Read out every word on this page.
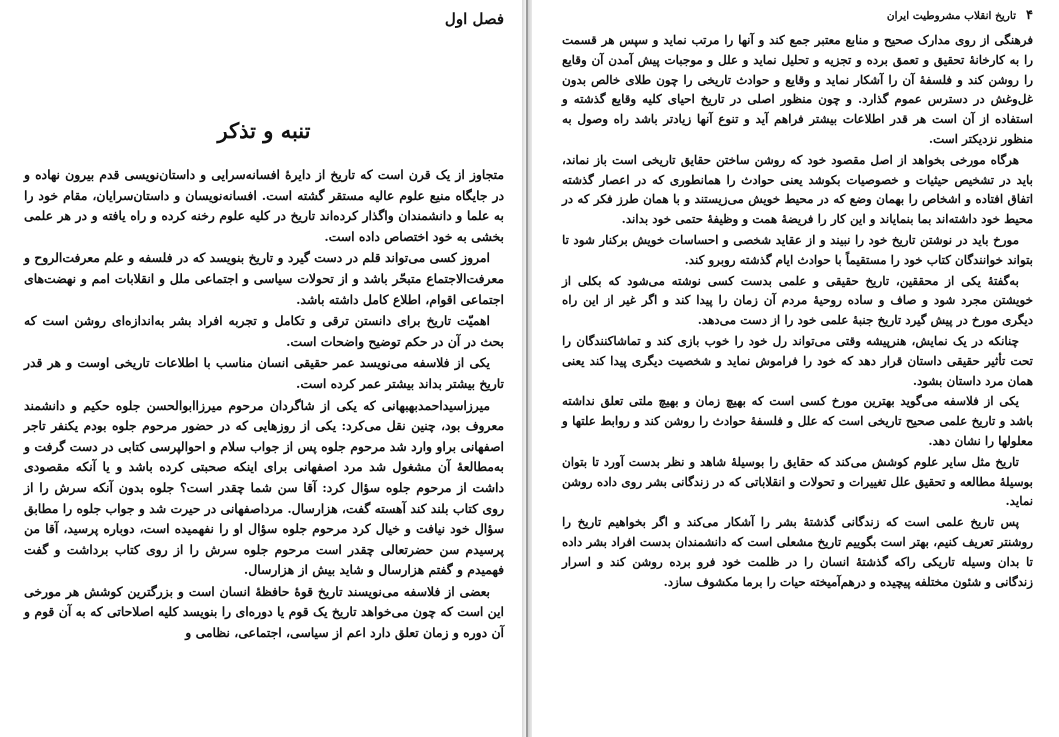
فصل اول
تنبه و تذکر

متجاوز از یک قرن است که تاریخ از دایرهٔ افسانه‌سرایی و داستان‌نویسی قدم بیرون نهاده و در جایگاه منیع علوم عالیه مستقر گشته است. افسانه‌نویسان و داستان‌سرایان، مقام خود را به علما و دانشمندان واگذار کرده‌اند تاریخ در کلیه علوم رخنه کرده و راه یافته و در هر علمی بخشی به خود اختصاص داده است.

امروز کسی می‌تواند قلم در دست گیرد و تاریخ بنویسد که در فلسفه و علم معرفت‌الروح و معرفت‌الاجتماع متبحّر باشد و از تحولات سیاسی و اجتماعی ملل و انقلابات امم و نهضت‌های اجتماعی اقوام، اطلاع کامل داشته باشد.

اهمیّت تاریخ برای دانستن ترقی و تکامل و تجربه افراد بشر به‌اندازه‌ای روشن است که بحث در آن در حکم توضیح واضحات است.

یکی از فلاسفه می‌نویسد عمر حقیقی انسان مناسب با اطلاعات تاریخی اوست و هر قدر تاریخ بیشتر بداند بیشتر عمر کرده است.

میرزاسیداحمدبهبهانی که یکی از شاگردان مرحوم میرزاابوالحسن جلوه حکیم و دانشمند معروف بود، چنین نقل می‌کرد: یکی از روزهایی که در حضور مرحوم جلوه بودم یکنفر تاجر اصفهانی براو وارد شد مرحوم جلوه پس از جواب سلام و احوالپرسی کتابی در دست گرفت و به‌مطالعهٔ آن مشغول شد مرد اصفهانی برای اینکه صحبتی کرده باشد و یا آنکه مقصودی داشت از مرحوم جلوه سؤال کرد: آقا سن شما چقدر است؟ جلوه بدون آنکه سرش را از روی کتاب بلند کند آهسته گفت، هزارسال. مرداصفهانی در حیرت شد و جواب جلوه را مطابق سؤال خود نیافت و خیال کرد مرحوم جلوه سؤال او را نفهمیده است، دوباره پرسید، آقا من پرسیدم سن حضرتعالی چقدر است مرحوم جلوه سرش را از روی کتاب برداشت و گفت فهمیدم و گفتم هزارسال و شاید بیش از هزارسال.

بعضی از فلاسفه می‌نویسند تاریخ قوهٔ حافظهٔ انسان است و بزرگترین کوشش هر مورخی این است که چون می‌خواهد تاریخ یک قوم یا دوره‌ای را بنویسد کلیه اصلاحاتی که به آن قوم و آن دوره و زمان تعلق دارد اعم از سیاسی، اجتماعی، نظامی و

۴
تاریخ انقلاب مشروطیت ایران

فرهنگی از روی مدارک صحیح و منابع معتبر جمع کند و آنها را مرتب نماید و سپس هر قسمت را به کارخانهٔ تحقیق و تعمق برده و تجزیه و تحلیل نماید و علل و موجبات پیش آمدن آن وقایع را روشن کند و فلسفهٔ آن را آشکار نماید و وقایع و حوادث تاریخی را چون طلای خالص بدون غل‌وغش در دسترس عموم گذارد. و چون منظور اصلی در تاریخ احیای کلیه وقایع گذشته و استفاده از آن است هر قدر اطلاعات بیشتر فراهم آید و تنوع آنها زیادتر باشد راه وصول به منظور نزدیکتر است.

هرگاه مورخی بخواهد از اصل مقصود خود که روشن ساختن حقایق تاریخی است باز نماند، باید در تشخیص حیثیات و خصوصیات بکوشد یعنی حوادث را همانطوری که در اعصار گذشته اتفاق افتاده و اشخاص را بهمان وضع که در محیط خویش می‌زیستند و با همان طرز فکر که در محیط خود داشته‌اند بما بنمایاند و این کار را فریضهٔ همت و وظیفهٔ حتمی خود بداند.

مورخ باید در نوشتن تاریخ خود را نبیند و از عقاید شخصی و احساسات خویش برکنار شود تا بتواند خوانندگان کتاب خود را مستقیماً با حوادث ایام گذشته روبرو کند.

به‌گفتهٔ یکی از محققین، تاریخ حقیقی و علمی بدست کسی نوشته می‌شود که بکلی از خویشتن مجرد شود و صاف و ساده روحیهٔ مردم آن زمان را پیدا کند و اگر غیر از این راه دیگری مورخ در پیش گیرد تاریخ جنبهٔ علمی خود را از دست می‌دهد.

چنانکه در یک نمایش، هنرپیشه وقتی می‌تواند رل خود را خوب بازی کند و تماشاکنندگان را تحت تأثیر حقیقی داستان قرار دهد که خود را فراموش نماید و شخصیت دیگری پیدا کند یعنی همان مرد داستان بشود.

یکی از فلاسفه می‌گوید بهترین مورخ کسی است که بهیچ زمان و بهیچ ملتی تعلق نداشته باشد و تاریخ علمی صحیح تاریخی است که علل و فلسفهٔ حوادث را روشن کند و روابط علتها و معلولها را نشان دهد.

تاریخ مثل سایر علوم کوشش می‌کند که حقایق را بوسیلهٔ شاهد و نظر بدست آورد تا بتوان بوسیلهٔ مطالعه و تحقیق علل تغییرات و تحولات و انقلاباتی که در زندگانی بشر روی داده روشن نماید.

پس تاریخ علمی است که زندگانی گذشتهٔ بشر را آشکار می‌کند و اگر بخواهیم تاریخ را روشنتر تعریف کنیم، بهتر است بگوییم تاریخ مشعلی است که دانشمندان بدست افراد بشر داده تا بدان وسیله تاریکی راکه گذشتهٔ انسان را در ظلمت خود فرو برده روشن کند و اسرار زندگانی و شئون مختلفه پیچیده و درهم‌آمیخته حیات را برما مکشوف سازد.
